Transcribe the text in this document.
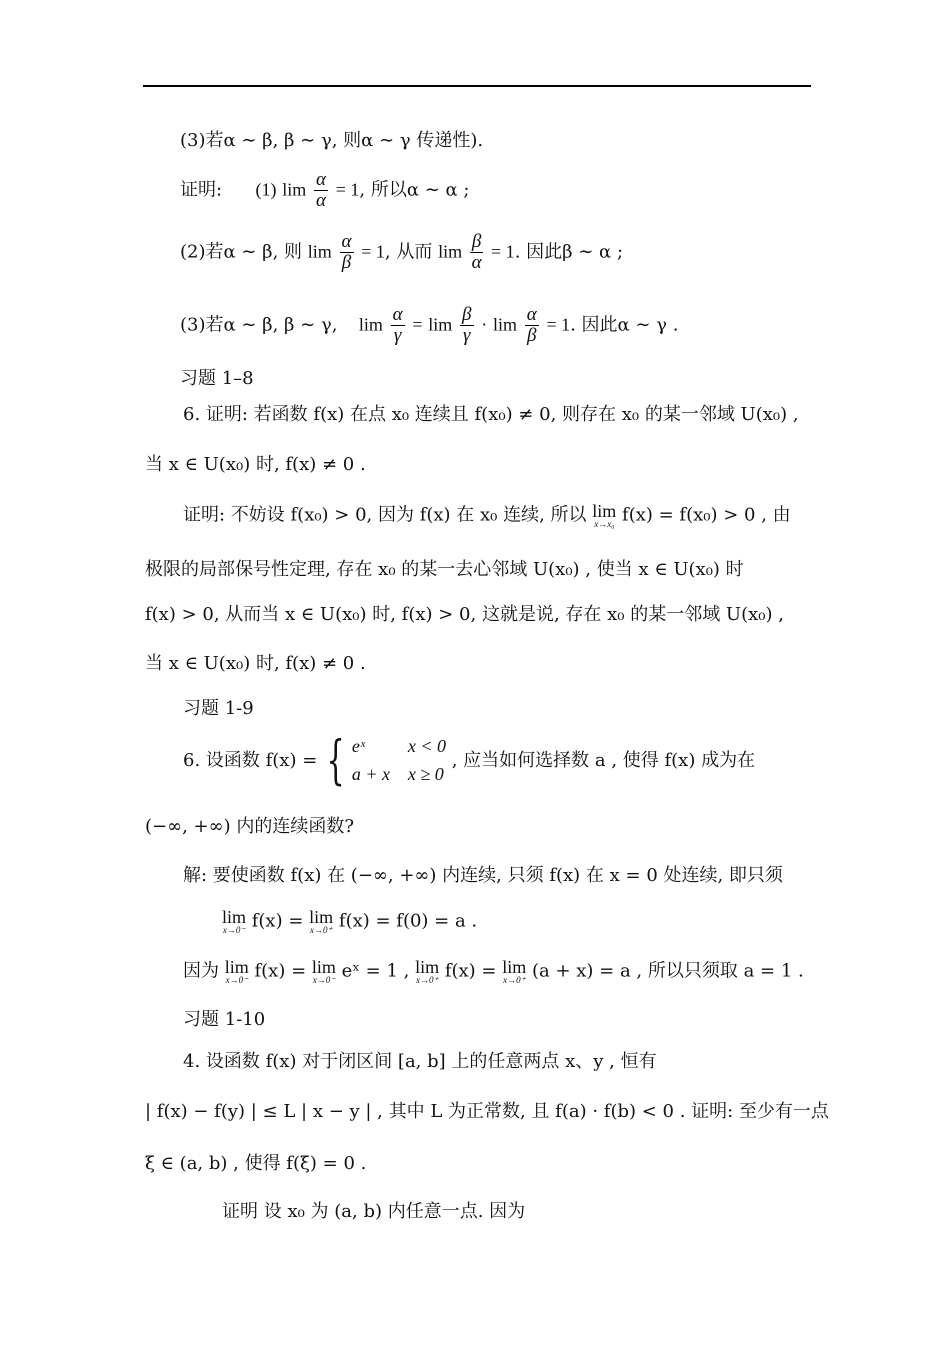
(3)若α ∼ β, β ∼ γ, 则α ∼ γ 传递性).
证明: (1) $\lim \frac{\alpha}{\alpha} = 1$, 所以α ∼ α ;
(2)若α ∼ β, 则 $\lim \frac{\alpha}{\beta} = 1$, 从而 $\lim \frac{\beta}{\alpha} = 1$. 因此β ∼ α ;
(3)若α ∼ β, β ∼ γ, $\lim \frac{\alpha}{\gamma} = \lim \frac{\beta}{\gamma} \cdot \lim \frac{\alpha}{\beta} = 1$. 因此α ∼ γ .
习题 1–8
6. 证明: 若函数 f(x) 在点 x₀ 连续且 f(x₀) ≠ 0, 则存在 x₀ 的某一邻域 U(x₀) ,
当 x ∈ U(x₀) 时, f(x) ≠ 0 .
证明: 不妨设 f(x₀) > 0, 因为 f(x) 在 x₀ 连续, 所以 lim
x→x₀ f(x) = f(x₀) > 0 , 由
极限的局部保号性定理, 存在 x₀ 的某一去心邻域 U(x₀) , 使当 x ∈ U(x₀) 时
f(x) > 0, 从而当 x ∈ U(x₀) 时, f(x) > 0, 这就是说, 存在 x₀ 的某一邻域 U(x₀) ,
当 x ∈ U(x₀) 时, f(x) ≠ 0 .
习题 1-9
6. 设函数 f(x) = { eˣ x < 0
a + x x ≥ 0
, 应当如何选择数 a , 使得 f(x) 成为在
(−∞, +∞) 内的连续函数?
解: 要使函数 f(x) 在 (−∞, +∞) 内连续, 只须 f(x) 在 x = 0 处连续, 即只须
lim
x→0⁻ f(x) = lim
x→0⁺ f(x) = f(0) = a .
因为 lim
x→0⁻ f(x) = lim
x→0⁻ eˣ = 1 , lim
x→0⁺ f(x) = lim
x→0⁺ (a + x) = a , 所以只须取 a = 1 .
习题 1-10
4. 设函数 f(x) 对于闭区间 [a, b] 上的任意两点 x、y , 恒有
| f(x) − f(y) | ≤ L | x − y | , 其中 L 为正常数, 且 f(a) · f(b) < 0 . 证明: 至少有一点
ξ ∈ (a, b) , 使得 f(ξ) = 0 .
证明 设 x₀ 为 (a, b) 内任意一点. 因为
